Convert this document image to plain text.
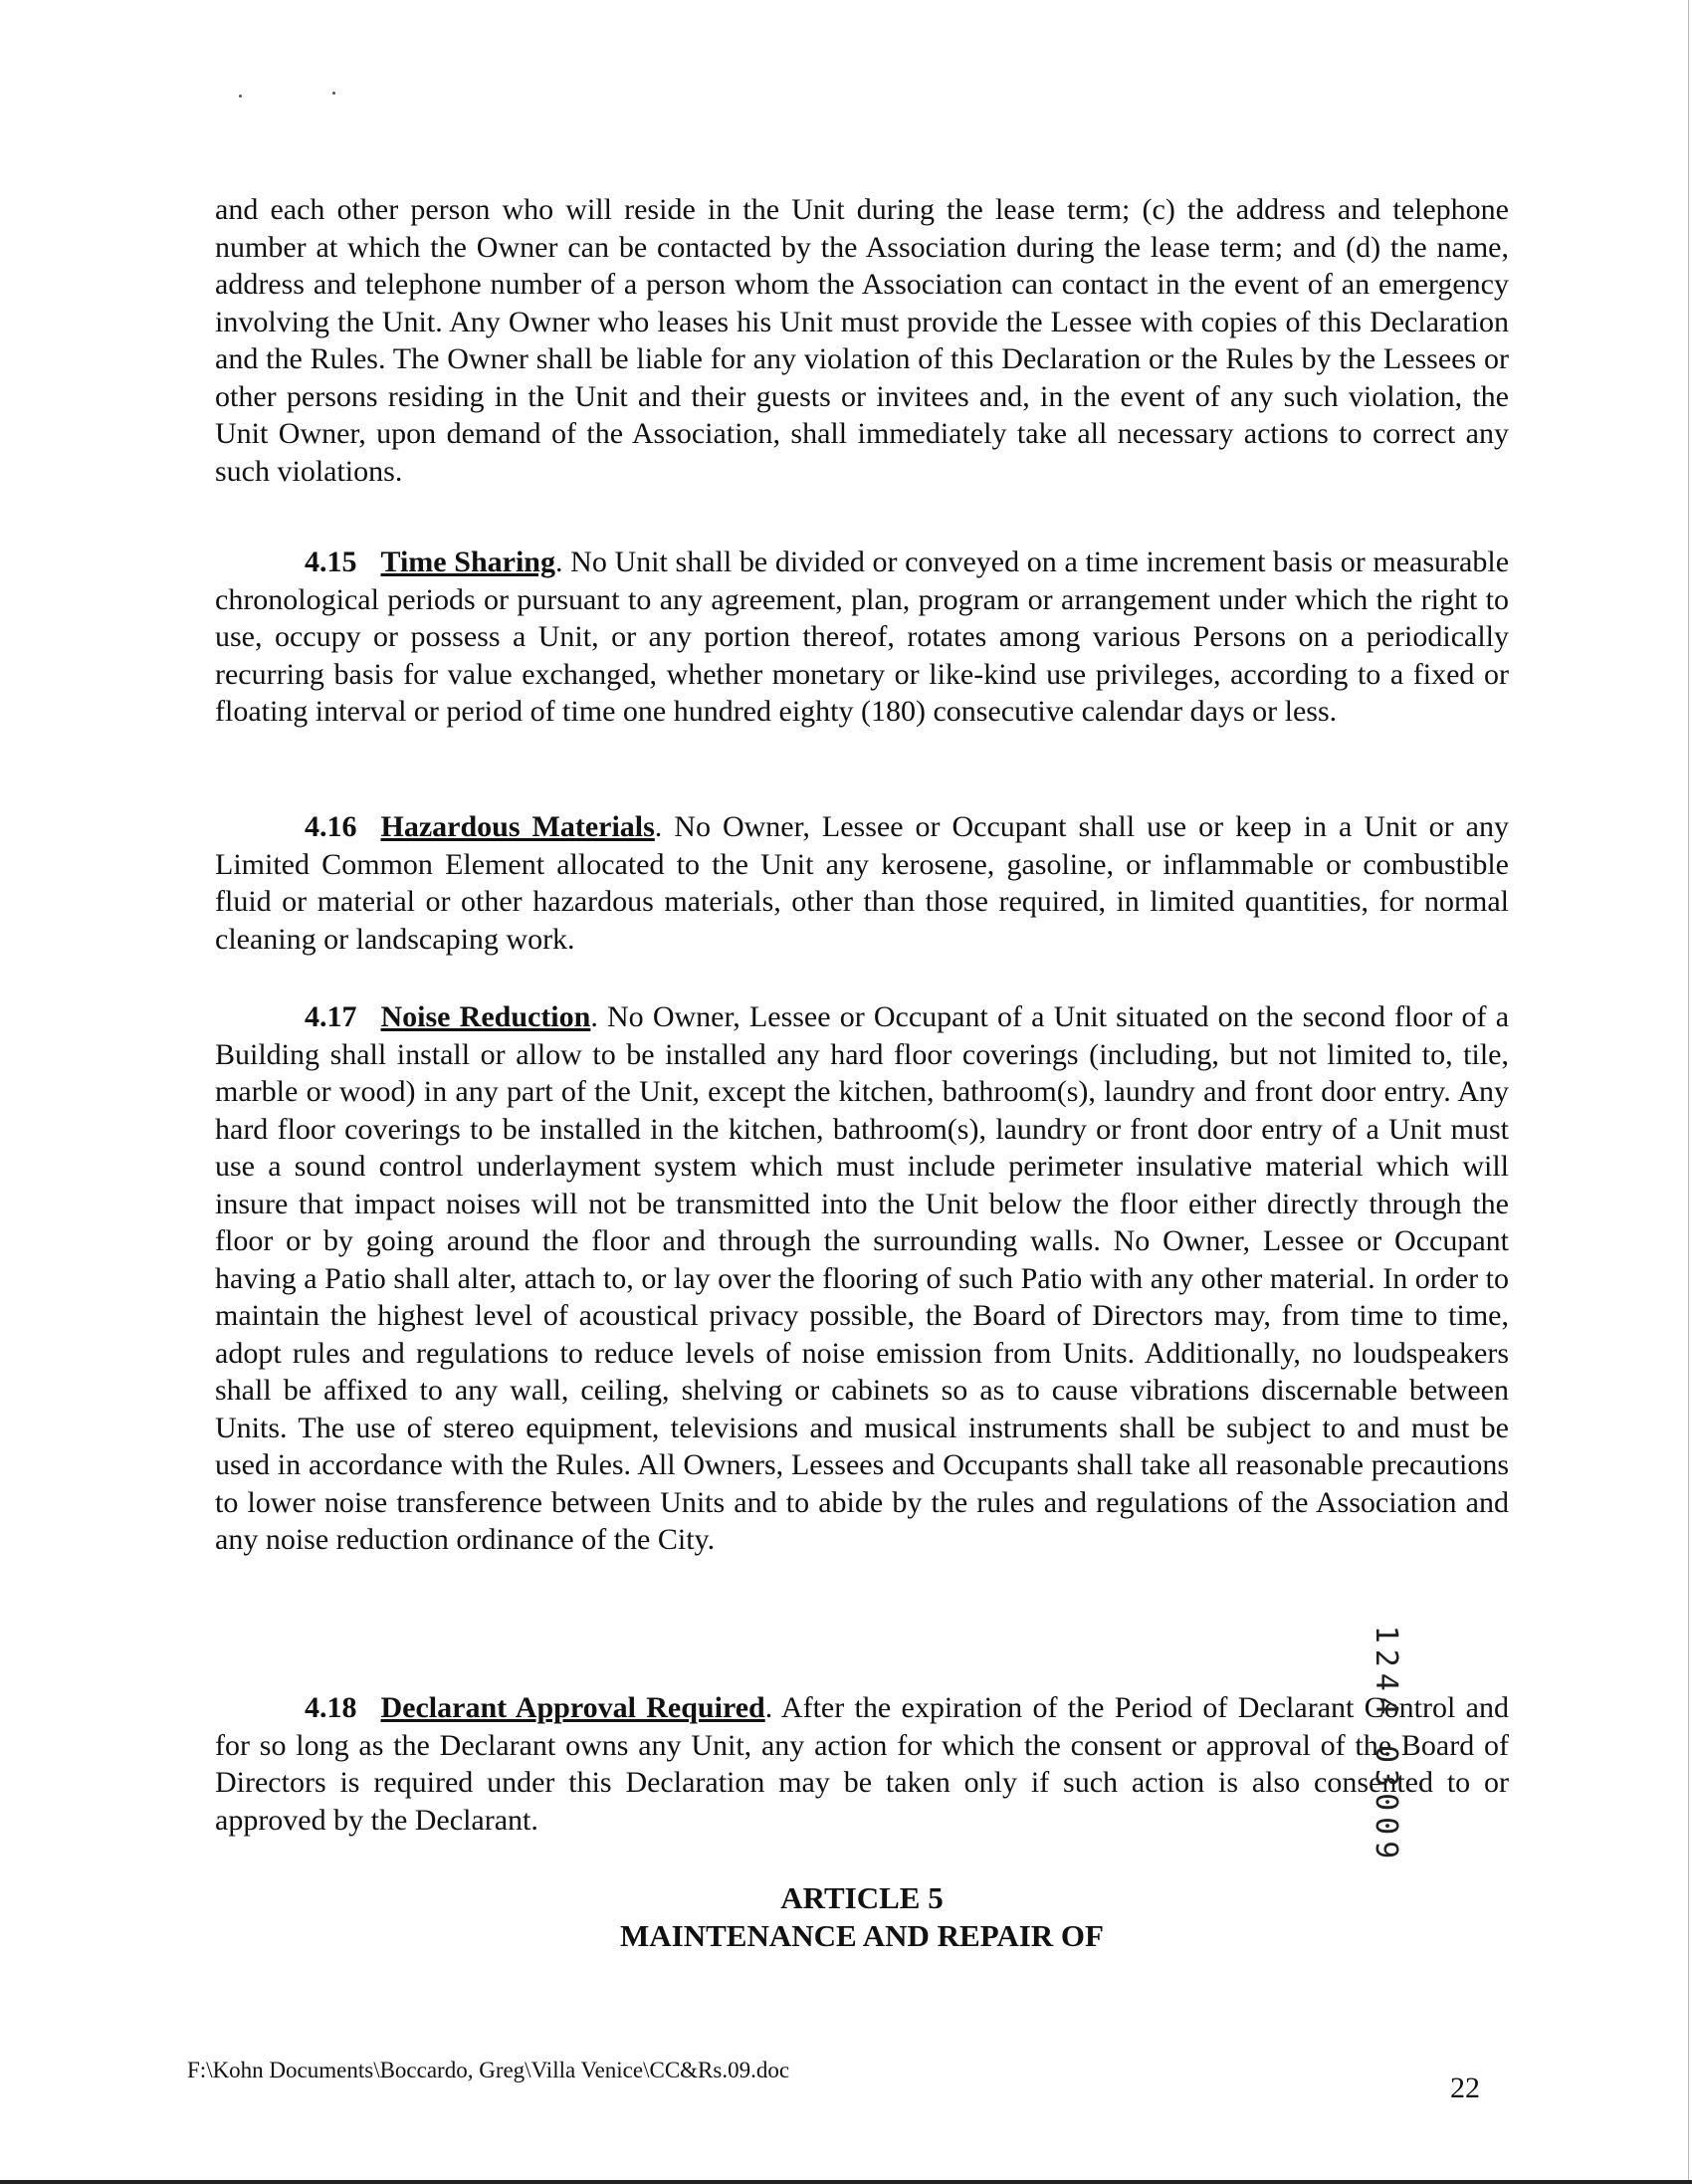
and each other person who will reside in the Unit during the lease term; (c) the address and telephone number at which the Owner can be contacted by the Association during the lease term; and (d) the name, address and telephone number of a person whom the Association can contact in the event of an emergency involving the Unit. Any Owner who leases his Unit must provide the Lessee with copies of this Declaration and the Rules. The Owner shall be liable for any violation of this Declaration or the Rules by the Lessees or other persons residing in the Unit and their guests or invitees and, in the event of any such violation, the Unit Owner, upon demand of the Association, shall immediately take all necessary actions to correct any such violations.

4.15 Time Sharing. No Unit shall be divided or conveyed on a time increment basis or measurable chronological periods or pursuant to any agreement, plan, program or arrangement under which the right to use, occupy or possess a Unit, or any portion thereof, rotates among various Persons on a periodically recurring basis for value exchanged, whether monetary or like-kind use privileges, according to a fixed or floating interval or period of time one hundred eighty (180) consecutive calendar days or less.

4.16 Hazardous Materials. No Owner, Lessee or Occupant shall use or keep in a Unit or any Limited Common Element allocated to the Unit any kerosene, gasoline, or inflammable or combustible fluid or material or other hazardous materials, other than those required, in limited quantities, for normal cleaning or landscaping work.

4.17 Noise Reduction. No Owner, Lessee or Occupant of a Unit situated on the second floor of a Building shall install or allow to be installed any hard floor coverings (including, but not limited to, tile, marble or wood) in any part of the Unit, except the kitchen, bathroom(s), laundry and front door entry. Any hard floor coverings to be installed in the kitchen, bathroom(s), laundry or front door entry of a Unit must use a sound control underlayment system which must include perimeter insulative material which will insure that impact noises will not be transmitted into the Unit below the floor either directly through the floor or by going around the floor and through the surrounding walls. No Owner, Lessee or Occupant having a Patio shall alter, attach to, or lay over the flooring of such Patio with any other material. In order to maintain the highest level of acoustical privacy possible, the Board of Directors may, from time to time, adopt rules and regulations to reduce levels of noise emission from Units. Additionally, no loudspeakers shall be affixed to any wall, ceiling, shelving or cabinets so as to cause vibrations discernable between Units. The use of stereo equipment, televisions and musical instruments shall be subject to and must be used in accordance with the Rules. All Owners, Lessees and Occupants shall take all reasonable precautions to lower noise transference between Units and to abide by the rules and regulations of the Association and any noise reduction ordinance of the City.

4.18 Declarant Approval Required. After the expiration of the Period of Declarant Control and for so long as the Declarant owns any Unit, any action for which the consent or approval of the Board of Directors is required under this Declaration may be taken only if such action is also consented to or approved by the Declarant.

ARTICLE 5

MAINTENANCE AND REPAIR OF

1244 03009

F:\Kohn Documents\Boccardo, Greg\Villa Venice\CC&Rs.09.doc

22
